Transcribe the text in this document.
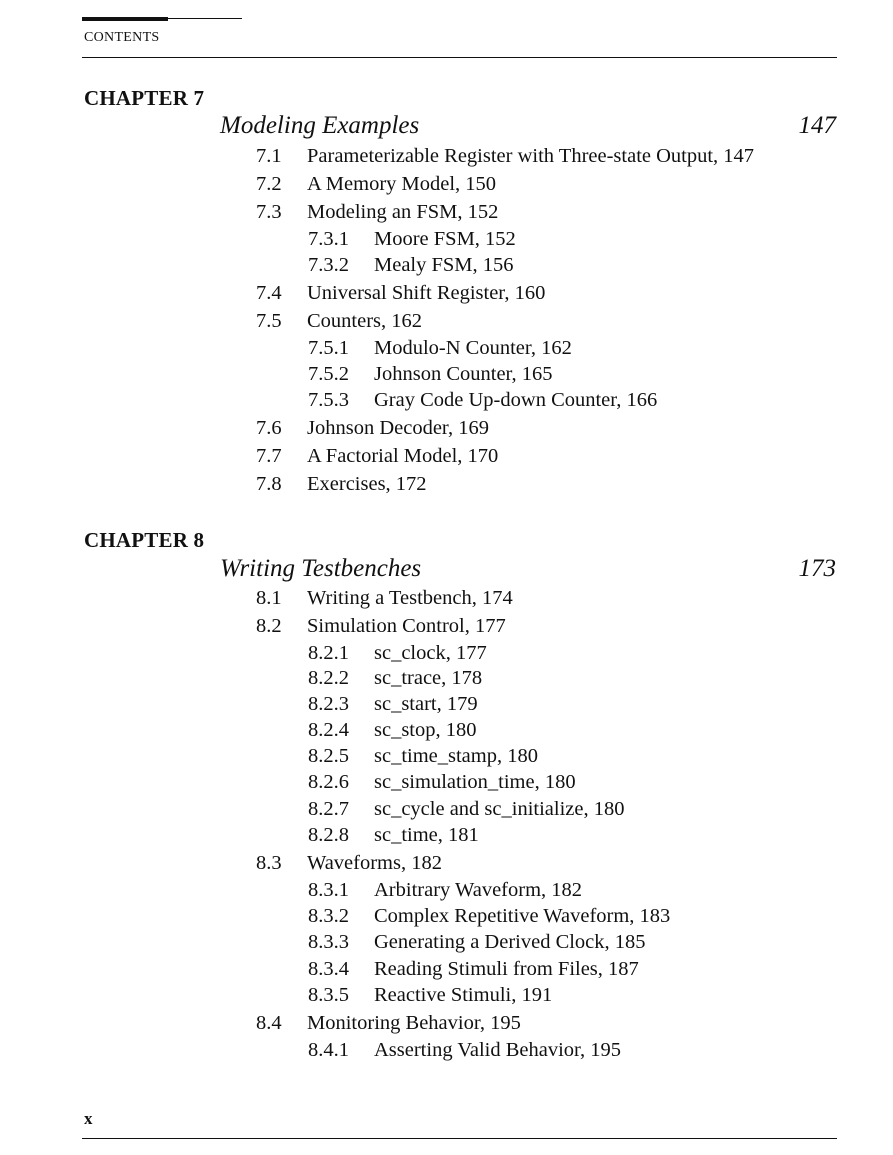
CONTENTS
CHAPTER 7
Modeling Examples	147
7.1 Parameterizable Register with Three-state Output, 147
7.2 A Memory Model, 150
7.3 Modeling an FSM, 152
7.3.1 Moore FSM, 152
7.3.2 Mealy FSM, 156
7.4 Universal Shift Register, 160
7.5 Counters, 162
7.5.1 Modulo-N Counter, 162
7.5.2 Johnson Counter, 165
7.5.3 Gray Code Up-down Counter, 166
7.6 Johnson Decoder, 169
7.7 A Factorial Model, 170
7.8 Exercises, 172
CHAPTER 8
Writing Testbenches	173
8.1 Writing a Testbench, 174
8.2 Simulation Control, 177
8.2.1 sc_clock, 177
8.2.2 sc_trace, 178
8.2.3 sc_start, 179
8.2.4 sc_stop, 180
8.2.5 sc_time_stamp, 180
8.2.6 sc_simulation_time, 180
8.2.7 sc_cycle and sc_initialize, 180
8.2.8 sc_time, 181
8.3 Waveforms, 182
8.3.1 Arbitrary Waveform, 182
8.3.2 Complex Repetitive Waveform, 183
8.3.3 Generating a Derived Clock, 185
8.3.4 Reading Stimuli from Files, 187
8.3.5 Reactive Stimuli, 191
8.4 Monitoring Behavior, 195
8.4.1 Asserting Valid Behavior, 195
x
